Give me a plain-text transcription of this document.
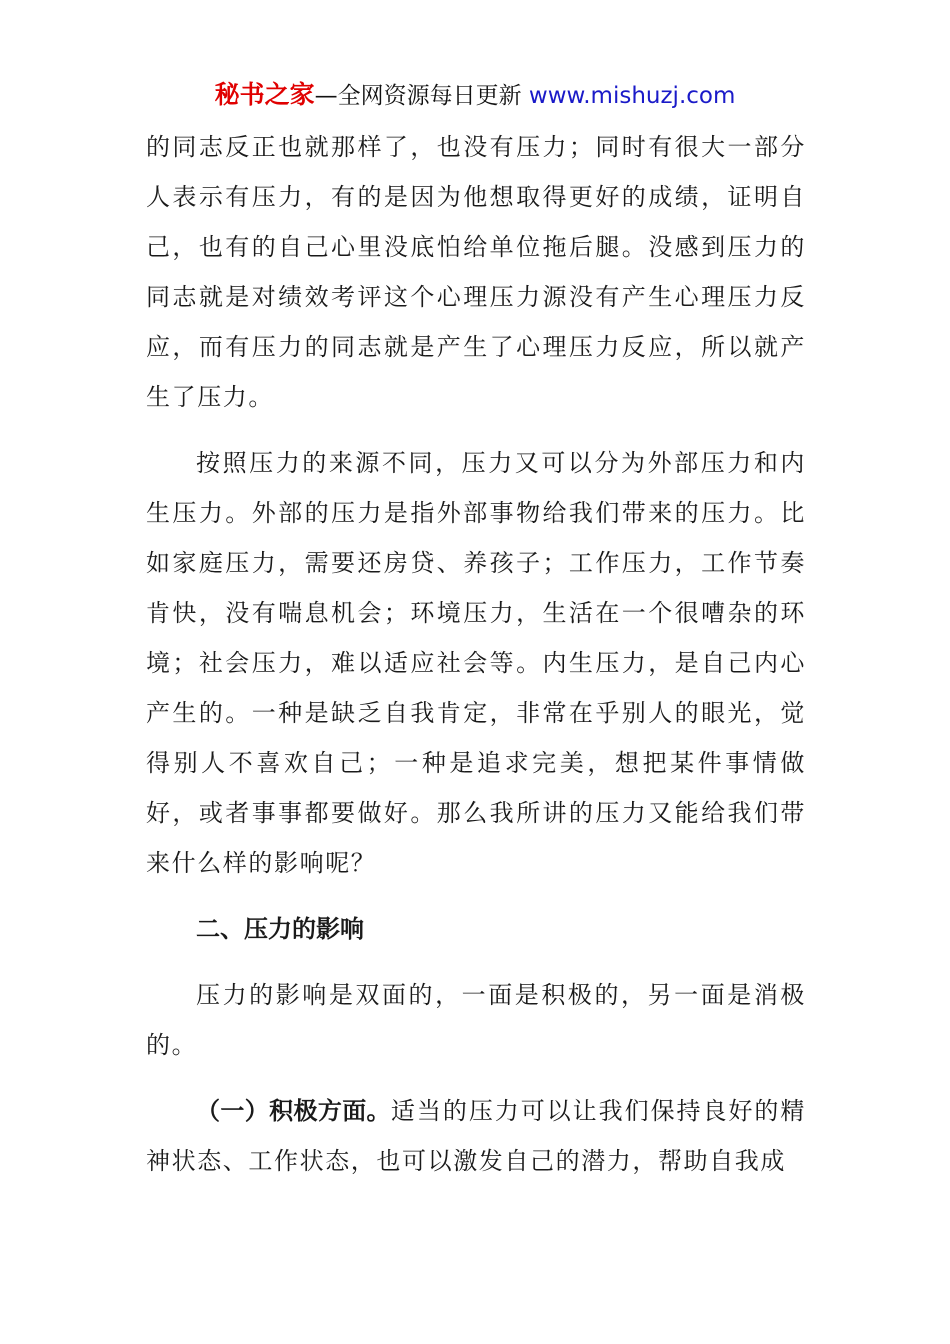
秘书之家—全网资源每日更新 www.mishuzj.com

的同志反正也就那样了，也没有压力；同时有很大一部分人表示有压力，有的是因为他想取得更好的成绩，证明自己，也有的自己心里没底怕给单位拖后腿。没感到压力的同志就是对绩效考评这个心理压力源没有产生心理压力反应，而有压力的同志就是产生了心理压力反应，所以就产生了压力。

按照压力的来源不同，压力又可以分为外部压力和内生压力。外部的压力是指外部事物给我们带来的压力。比如家庭压力，需要还房贷、养孩子；工作压力，工作节奏肯快，没有喘息机会；环境压力，生活在一个很嘈杂的环境；社会压力，难以适应社会等。内生压力，是自己内心产生的。一种是缺乏自我肯定，非常在乎别人的眼光，觉得别人不喜欢自己；一种是追求完美，想把某件事情做好，或者事事都要做好。那么我所讲的压力又能给我们带来什么样的影响呢？

二、压力的影响

压力的影响是双面的，一面是积极的，另一面是消极的。

（一）积极方面。适当的压力可以让我们保持良好的精神状态、工作状态，也可以激发自己的潜力，帮助自我成
